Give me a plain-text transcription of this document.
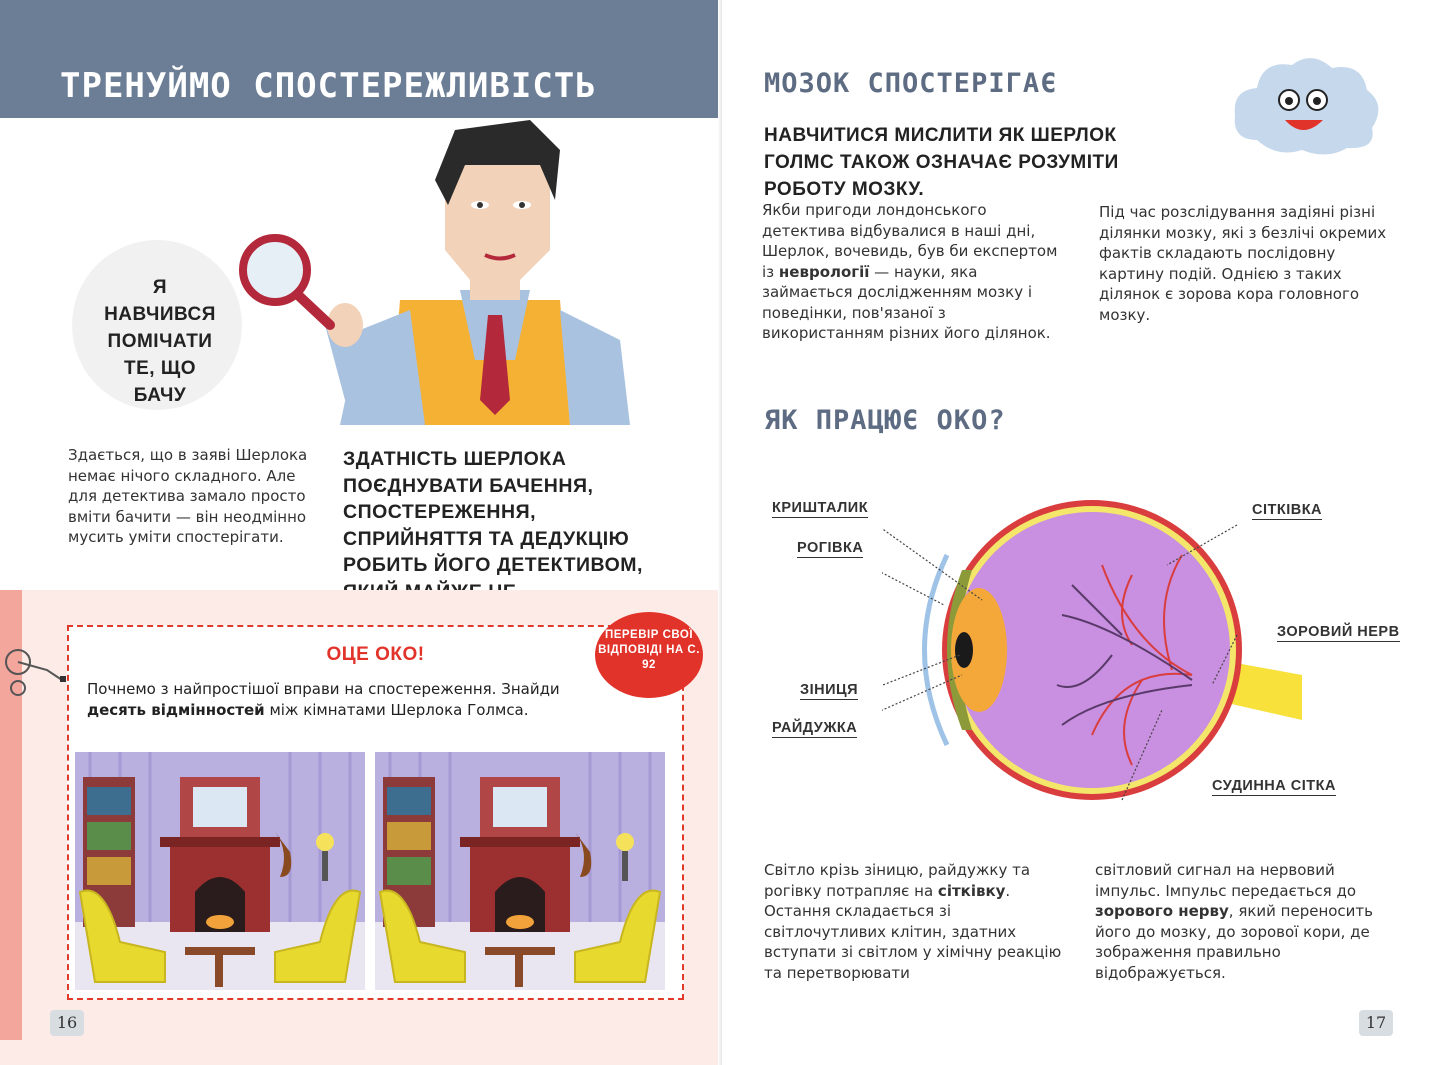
ТРЕНУЙМО СПОСТЕРЕЖЛИВІСТЬ
Я НАВЧИВСЯ ПОМІЧАТИ ТЕ, ЩО БАЧУ
Здається, що в заяві Шерлока немає нічого складного. Але для детектива замало просто вміти бачити — він неодмінно мусить уміти спостерігати.
ЗДАТНІСТЬ ШЕРЛОКА ПОЄДНУВАТИ БАЧЕННЯ, СПОСТЕРЕЖЕННЯ, СПРИЙНЯТТЯ ТА ДЕДУКЦІЮ РОБИТЬ ЙОГО ДЕТЕКТИВОМ,
ОЦЕ ОКО!
Почнемо з найпростішої вправи на спостереження. Знайди десять відмінностей між кімнатами Шерлока Голмса.
ПЕРЕВІР СВОЇ ВІДПОВІДІ НА С. 92
16
МОЗОК СПОСТЕРІГАЄ
НАВЧИТИСЯ МИСЛИТИ ЯК ШЕРЛОК ГОЛМС ТАКОЖ ОЗНАЧАЄ РОЗУМІТИ РОБОТУ МОЗКУ.
Якби пригоди лондонського детектива відбувалися в наші дні, Шерлок, вочевидь, був би експертом із неврології — науки, яка займається дослідженням мозку і поведінки, пов'язаної з використанням різних його ділянок.
Під час розслідування задіяні різні ділянки мозку, які з безлічі окремих фактів складають послідовну картину подій. Однією з таких ділянок є зорова кора головного мозку.
ЯК ПРАЦЮЄ ОКО?
КРИШТАЛИК
РОГІВКА
ЗІНИЦЯ
РАЙДУЖКА
СІТКІВКА
ЗОРОВИЙ НЕРВ
СУДИННА СІТКА
Світло крізь зіницю, райдужку та рогівку потрапляє на сітківку. Остання складається зі світлочутливих клітин, здатних вступати зі світлом у хімічну реакцію та перетворювати
світловий сигнал на нервовий імпульс. Імпульс передається до зорового нерву, який переносить його до мозку, до зорової кори, де зображення правильно відображується.
17
